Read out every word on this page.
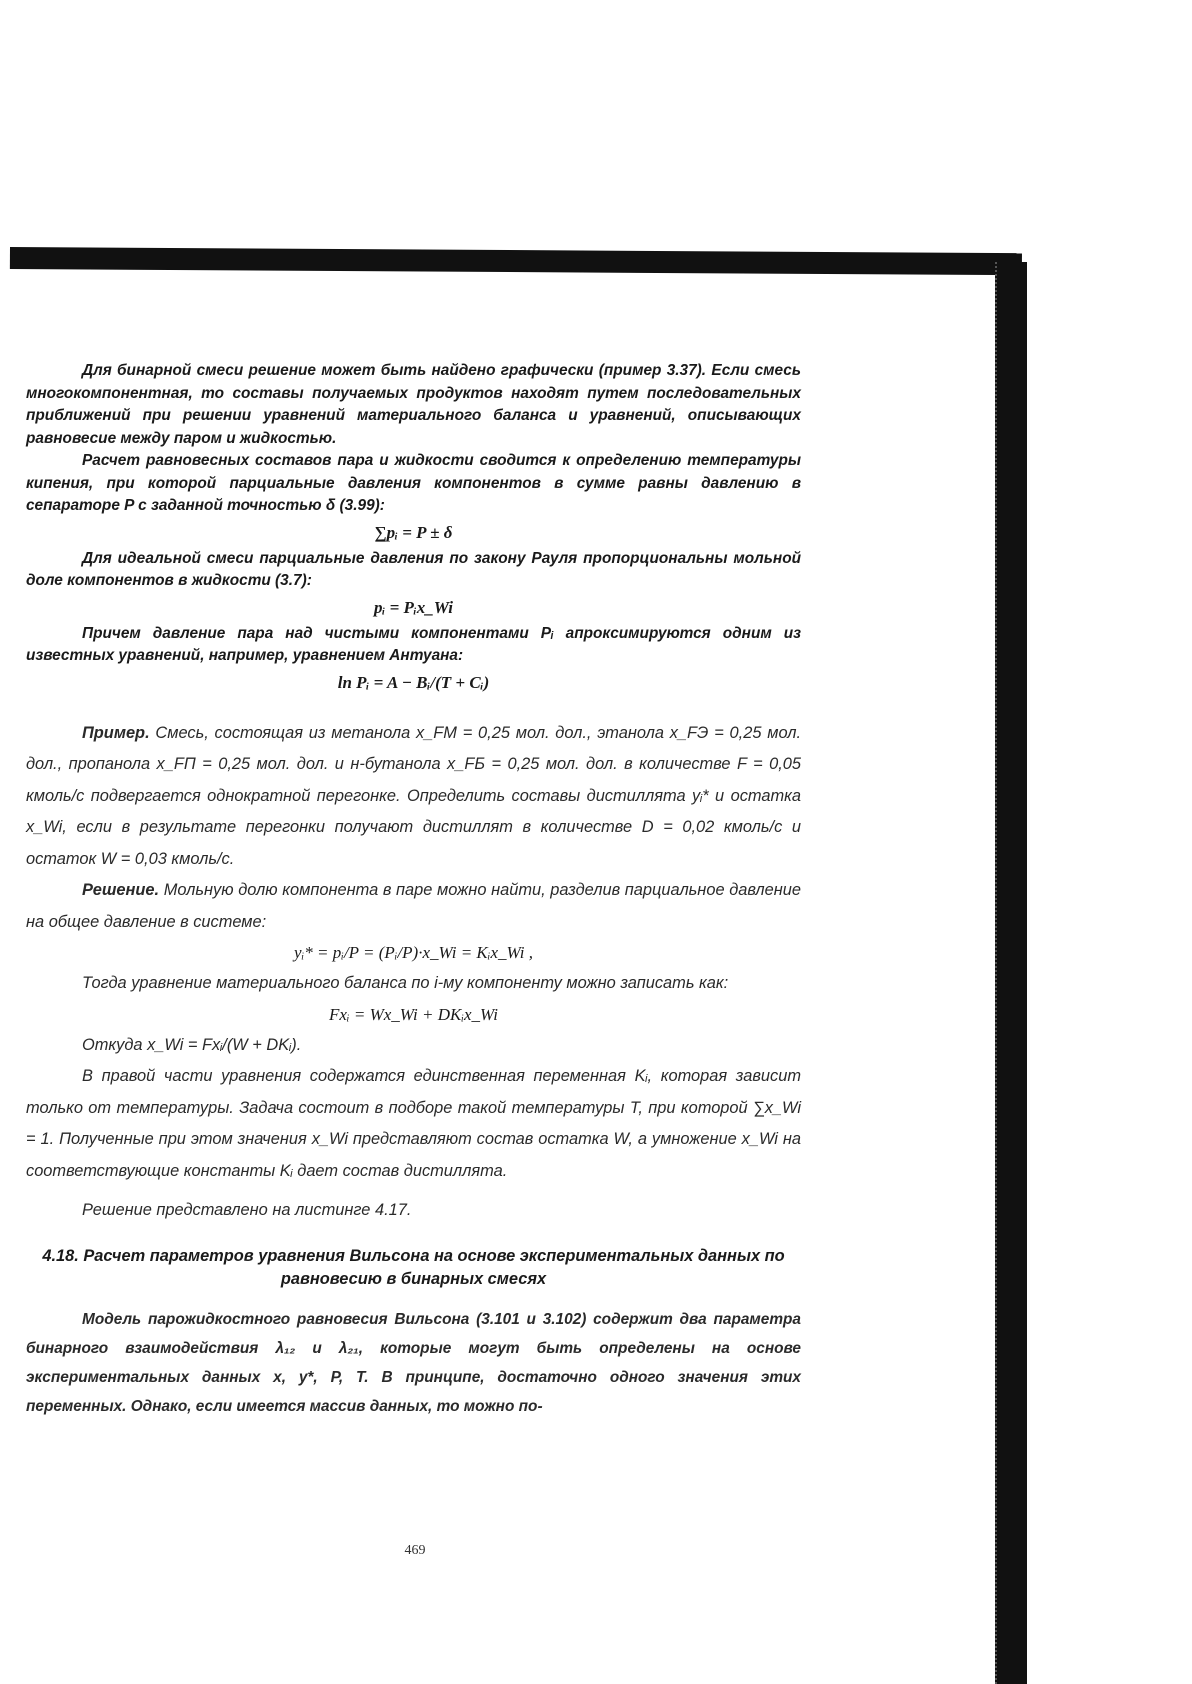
Для бинарной смеси решение может быть найдено графически (пример 3.37). Если смесь многокомпонентная, то составы получаемых продуктов находят путем последовательных приближений при решении уравнений материального баланса и уравнений, описывающих равновесие между паром и жидкостью.

Расчет равновесных составов пара и жидкости сводится к определению температуры кипения, при которой парциальные давления компонентов в сумме равны давлению в сепараторе P с заданной точностью δ (3.99):

∑pᵢ = P ± δ

Для идеальной смеси парциальные давления по закону Рауля пропорциональны мольной доле компонентов в жидкости (3.7):

pᵢ = Pᵢx_Wi

Причем давление пара над чистыми компонентами Pᵢ апроксимируются одним из известных уравнений, например, уравнением Антуана:

ln Pᵢ = A − Bᵢ/(T + Cᵢ)

Пример. Смесь, состоящая из метанола x_FM = 0,25 мол. дол., этанола x_FЭ = 0,25 мол. дол., пропанола x_FП = 0,25 мол. дол. и н-бутанола x_FБ = 0,25 мол. дол. в количестве F = 0,05 кмоль/с подвергается однократной перегонке. Определить составы дистиллята yᵢ* и остатка x_Wi, если в результате перегонки получают дистиллят в количестве D = 0,02 кмоль/с и остаток W = 0,03 кмоль/с.

Решение. Мольную долю компонента в паре можно найти, разделив парциальное давление на общее давление в системе:

yᵢ* = pᵢ/P = (Pᵢ/P)·x_Wi = Kᵢx_Wi ,

Тогда уравнение материального баланса по i-му компоненту можно записать как:

Fxᵢ = Wx_Wi + DKᵢx_Wi

Откуда x_Wi = Fxᵢ/(W + DKᵢ).

В правой части уравнения содержатся единственная переменная Kᵢ, которая зависит только от температуры. Задача состоит в подборе такой температуры T, при которой ∑x_Wi = 1. Полученные при этом значения x_Wi представляют состав остатка W, а умножение x_Wi на соответствующие константы Kᵢ дает состав дистиллята.

Решение представлено на листинге 4.17.

4.18. Расчет параметров уравнения Вильсона на основе экспериментальных данных по равновесию в бинарных смесях

Модель парожидкостного равновесия Вильсона (3.101 и 3.102) содержит два параметра бинарного взаимодействия λ₁₂ и λ₂₁, которые могут быть определены на основе экспериментальных данных x, y*, P, T. В принципе, достаточно одного значения этих переменных. Однако, если имеется массив данных, то можно по-

469
